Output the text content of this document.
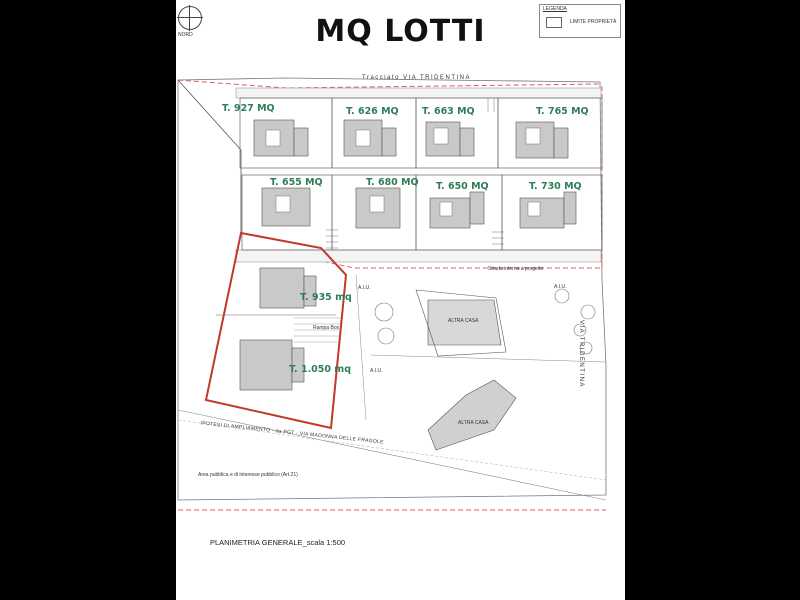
NORD	MQ LOTTI
LEGENDA
LIMITE PROPRIETÀ
Tracciato VIA TRIDENTINA
VIA TRIDENTINA
IPOTESI DI AMPLIAMENTO - da PGT - VIA MADONNA DELLE FRAGOLE
Area pubblica e di interesse pubblico (Art.21)
Strada interna a progetto
Rampa Box
ALTRA CASA
ALTRA CASA
A.I.U.
A.I.U.
A.I.U.
T. 927 MQ	T. 626 MQ T. 663 MQ	T. 765 MQ
T. 655 MQ	T. 680 MQ T. 650 MQ	T. 730 MQ
T. 935 mq
T. 1.050 mq
PLANIMETRIA GENERALE_scala 1:500
